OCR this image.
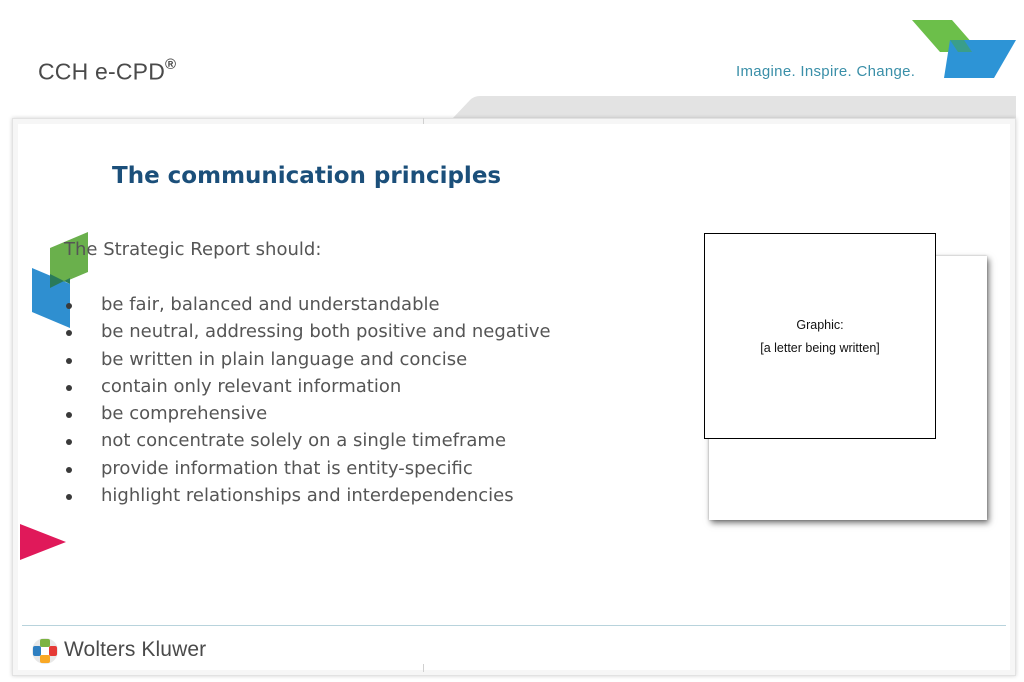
CCH e-CPD®	Imagine. Inspire. Change.
The communication principles
The Strategic Report should:
be fair, balanced and understandable
be neutral, addressing both positive and negative
be written in plain language and concise
contain only relevant information
be comprehensive
not concentrate solely on a single timeframe
provide information that is entity-specific
highlight relationships and interdependencies
Graphic:
[a letter being written]
Wolters Kluwer
